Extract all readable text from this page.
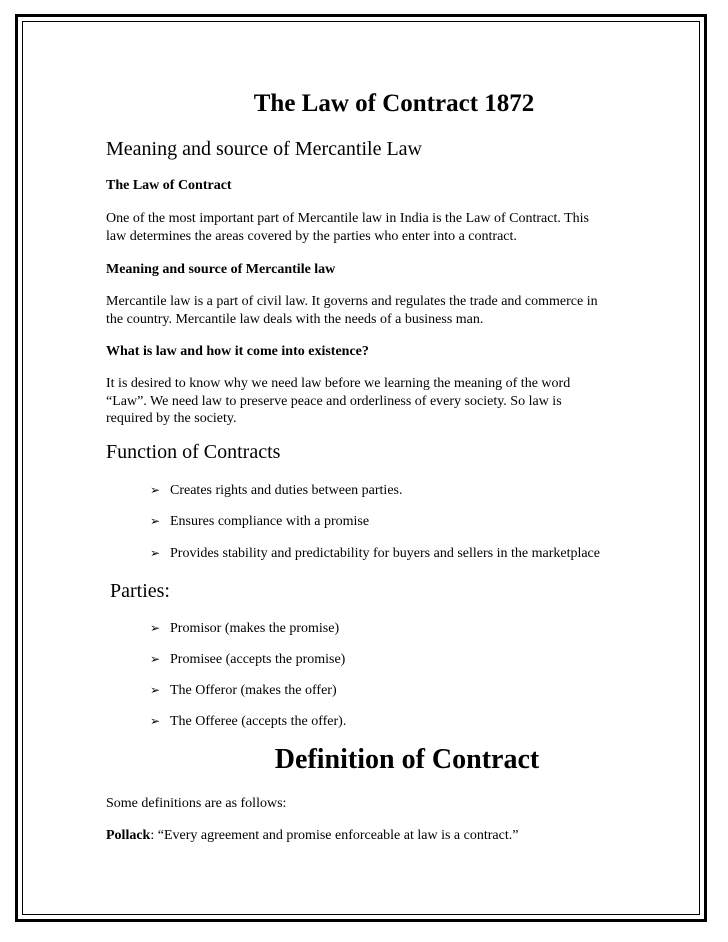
The Law of Contract 1872
Meaning and source of Mercantile Law
The Law of Contract
One of the most important part of Mercantile law in India is the Law of Contract. This
law determines the areas covered by the parties who enter into a contract.
Meaning and source of Mercantile law
Mercantile law is a part of civil law. It governs and regulates the trade and commerce in
the country. Mercantile law deals with the needs of a business man.
What is law and how it come into existence?
It is desired to know why we need law before we learning the meaning of the word
“Law”. We need law to preserve peace and orderliness of every society. So law is
required by the society.
Function of Contracts
➢ Creates rights and duties between parties.
➢ Ensures compliance with a promise
➢ Provides stability and predictability for buyers and sellers in the marketplace
Parties:
➢ Promisor (makes the promise)
➢ Promisee (accepts the promise)
➢ The Offeror (makes the offer)
➢ The Offeree (accepts the offer).
Definition of Contract
Some definitions are as follows:
Pollack: “Every agreement and promise enforceable at law is a contract.”
